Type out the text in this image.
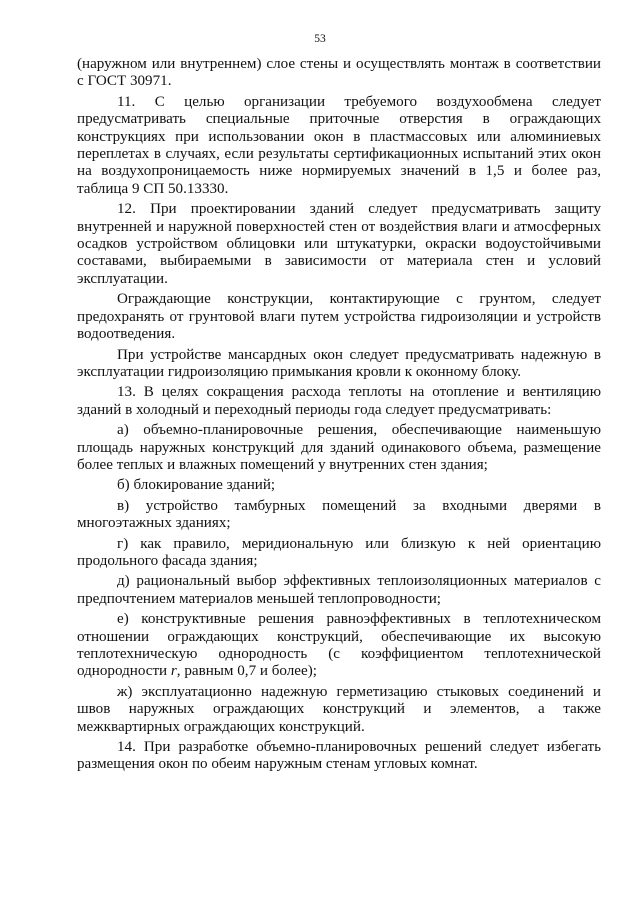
53

(наружном или внутреннем) слое стены и осуществлять монтаж в соответствии с ГОСТ 30971.

11. С целью организации требуемого воздухообмена следует предусматривать специальные приточные отверстия в ограждающих конструкциях при использовании окон в пластмассовых или алюминиевых переплетах в случаях, если результаты сертификационных испытаний этих окон на воздухопроницаемость ниже нормируемых значений в 1,5 и более раз, таблица 9 СП 50.13330.

12. При проектировании зданий следует предусматривать защиту внутренней и наружной поверхностей стен от воздействия влаги и атмосферных осадков устройством облицовки или штукатурки, окраски водоустойчивыми составами, выбираемыми в зависимости от материала стен и условий эксплуатации.

Ограждающие конструкции, контактирующие с грунтом, следует предохранять от грунтовой влаги путем устройства гидроизоляции и устройств водоотведения.

При устройстве мансардных окон следует предусматривать надежную в эксплуатации гидроизоляцию примыкания кровли к оконному блоку.

13. В целях сокращения расхода теплоты на отопление и вентиляцию зданий в холодный и переходный периоды года следует предусматривать:

а) объемно-планировочные решения, обеспечивающие наименьшую площадь наружных конструкций для зданий одинакового объема, размещение более теплых и влажных помещений у внутренних стен здания;

б) блокирование зданий;

в) устройство тамбурных помещений за входными дверями в многоэтажных зданиях;

г) как правило, меридиональную или близкую к ней ориентацию продольного фасада здания;

д) рациональный выбор эффективных теплоизоляционных материалов с предпочтением материалов меньшей теплопроводности;

е) конструктивные решения равноэффективных в теплотехническом отношении ограждающих конструкций, обеспечивающие их высокую теплотехническую однородность (с коэффициентом теплотехнической однородности r, равным 0,7 и более);

ж) эксплуатационно надежную герметизацию стыковых соединений и швов наружных ограждающих конструкций и элементов, а также межквартирных ограждающих конструкций.

14. При разработке объемно-планировочных решений следует избегать размещения окон по обеим наружным стенам угловых комнат.
